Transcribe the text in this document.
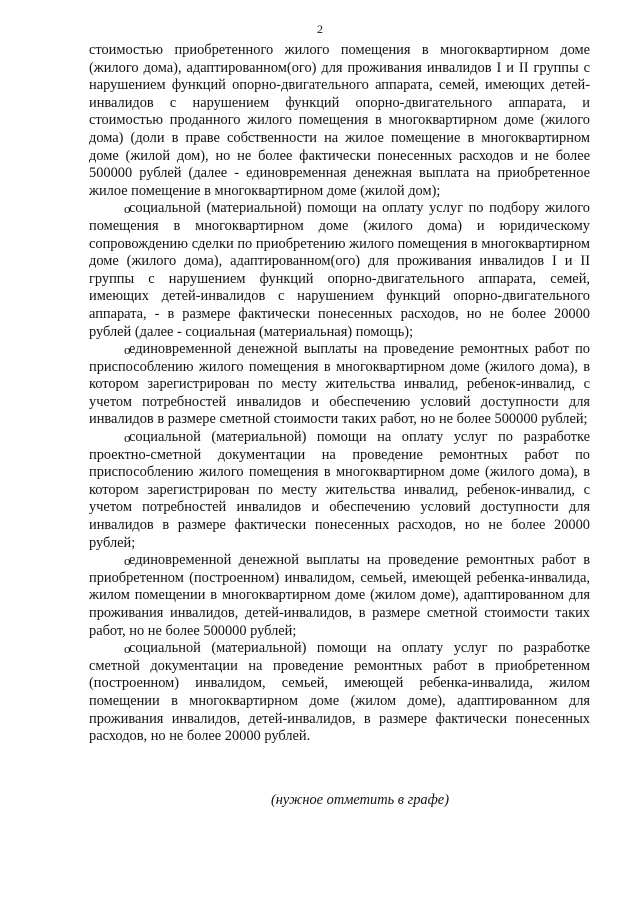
2

стоимостью приобретенного жилого помещения в многоквартирном доме (жилого дома), адаптированном(ого) для проживания инвалидов I и II группы с нарушением функций опорно-двигательного аппарата, семей, имеющих детей-инвалидов с нарушением функций опорно-двигательного аппарата, и стоимостью проданного жилого помещения в многоквартирном доме (жилого дома) (доли в праве собственности на жилое помещение в многоквартирном доме (жилой дом), но не более фактически понесенных расходов и не более 500000 рублей (далее - единовременная денежная выплата на приобретенное жилое помещение в многоквартирном доме (жилой дом);

o
социальной (материальной) помощи на оплату услуг по подбору жилого помещения в многоквартирном доме (жилого дома) и юридическому сопровождению сделки по приобретению жилого помещения в многоквартирном доме (жилого дома), адаптированном(ого) для проживания инвалидов I и II группы с нарушением функций опорно-двигательного аппарата, семей, имеющих детей-инвалидов с нарушением функций опорно-двигательного аппарата, - в размере фактически понесенных расходов, но не более 20000 рублей (далее - социальная (материальная) помощь);

o
единовременной денежной выплаты на проведение ремонтных работ по приспособлению жилого помещения в многоквартирном доме (жилого дома), в котором зарегистрирован по месту жительства инвалид, ребенок-инвалид, с учетом потребностей инвалидов и обеспечению условий доступности для инвалидов в размере сметной стоимости таких работ, но не более 500000 рублей;

o
социальной (материальной) помощи на оплату услуг по разработке проектно-сметной документации на проведение ремонтных работ по приспособлению жилого помещения в многоквартирном доме (жилого дома), в котором зарегистрирован по месту жительства инвалид, ребенок-инвалид, с учетом потребностей инвалидов и обеспечению условий доступности для инвалидов в размере фактически понесенных расходов, но не более 20000 рублей;

o
единовременной денежной выплаты на проведение ремонтных работ в приобретенном (построенном) инвалидом, семьей, имеющей ребенка-инвалида, жилом помещении в многоквартирном доме (жилом доме), адаптированном для проживания инвалидов, детей-инвалидов, в размере сметной стоимости таких работ, но не более 500000 рублей;

o
социальной (материальной) помощи на оплату услуг по разработке сметной документации на проведение ремонтных работ в приобретенном (построенном) инвалидом, семьей, имеющей ребенка-инвалида, жилом помещении в многоквартирном доме (жилом доме), адаптированном для проживания инвалидов, детей-инвалидов, в размере фактически понесенных расходов, но не более 20000 рублей.

(нужное отметить в графе)
